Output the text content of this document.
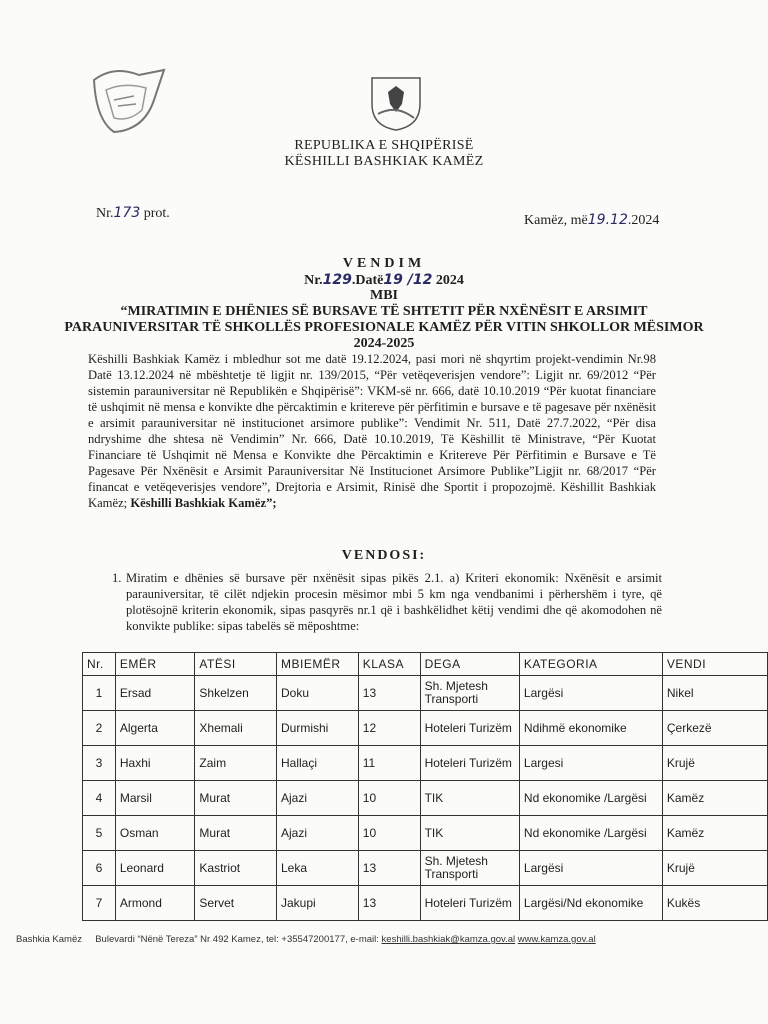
REPUBLIKA E SHQIPËRISË
KËSHILLI BASHKIAK KAMËZ
Nr.173 prot.	Kamëz, më19.12.2024
VENDIM
Nr.129.Datë19 /12 2024
MBI
“MIRATIMIN E DHËNIES SË BURSAVE TË SHTETIT PËR NXËNËSIT E ARSIMIT PARAUNIVERSITAR TË SHKOLLËS PROFESIONALE KAMËZ PËR VITIN SHKOLLOR MËSIMOR 2024-2025
Këshilli Bashkiak Kamëz i mbledhur sot me datë 19.12.2024, pasi mori në shqyrtim projekt-vendimin Nr.98 Datë 13.12.2024 në mbështetje të ligjit nr. 139/2015, “Për vetëqeverisjen vendore”: Ligjit nr. 69/2012 “Për sistemin parauniversitar në Republikën e Shqipërisë”: VKM-së nr. 666, datë 10.10.2019 “Për kuotat financiare të ushqimit në mensa e konvikte dhe përcaktimin e kritereve për përfitimin e bursave e të pagesave për nxënësit e arsimit parauniversitar në institucionet arsimore publike”: Vendimit Nr. 511, Datë 27.7.2022, “Për disa ndryshime dhe shtesa në Vendimin” Nr. 666, Datë 10.10.2019, Të Këshillit të Ministrave, “Për Kuotat Financiare të Ushqimit në Mensa e Konvikte dhe Përcaktimin e Kritereve Për Përfitimin e Bursave e Të Pagesave Për Nxënësit e Arsimit Parauniversitar Në Institucionet Arsimore Publike”Ligjit nr. 68/2017 “Për financat e vetëqeverisjes vendore”, Drejtoria e Arsimit, Rinisë dhe Sportit i propozojmë. Këshillit Bashkiak Kamëz; Këshilli Bashkiak Kamëz”;
VENDOSI:
1. Miratim e dhënies së bursave për nxënësit sipas pikës 2.1. a) Kriteri ekonomik: Nxënësit e arsimit parauniversitar, të cilët ndjekin procesin mësimor mbi 5 km nga vendbanimi i përhershëm i tyre, që plotësojnë kriterin ekonomik, sipas pasqyrës nr.1 që i bashkëlidhet këtij vendimi dhe që akomodohen në konvikte publike: sipas tabelës së mëposhtme:
Nr.	EMËR	ATËSI	MBIEMËR	KLASA	DEGA	KATEGORIA	VENDI
1	Ersad	Shkelzen	Doku	13	Sh. Mjetesh Transporti	Largësi	Nikel
2	Algerta	Xhemali	Durmishi	12	Hoteleri Turizëm	Ndihmë ekonomike	Çerkezë
3	Haxhi	Zaim	Hallaçi	11	Hoteleri Turizëm	Largesi	Krujë
4	Marsil	Murat	Ajazi	10	TIK	Nd ekonomike /Largësi	Kamëz
5	Osman	Murat	Ajazi	10	TIK	Nd ekonomike /Largësi	Kamëz
6	Leonard	Kastriot	Leka	13	Sh. Mjetesh Transporti	Largësi	Krujë
7	Armond	Servet	Jakupi	13	Hoteleri Turizëm	Largësi/Nd ekonomike	Kukës
Bashkia Kamëz Bulevardi “Nënë Tereza” Nr 492 Kamez, tel: +35547200177, e-mail: keshilli.bashkiak@kamza.gov.al www.kamza.gov.al
